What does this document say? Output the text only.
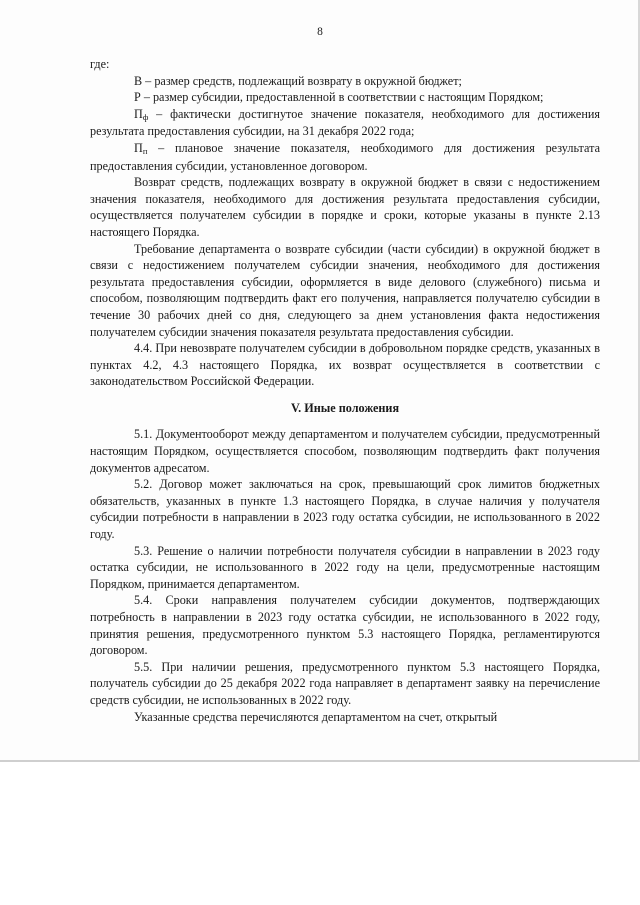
8

где:

В – размер средств, подлежащий возврату в окружной бюджет;

Р – размер субсидии, предоставленной в соответствии с настоящим Порядком;

Пф – фактически достигнутое значение показателя, необходимого для достижения результата предоставления субсидии, на 31 декабря 2022 года;

Пп – плановое значение показателя, необходимого для достижения результата предоставления субсидии, установленное договором.

Возврат средств, подлежащих возврату в окружной бюджет в связи с недостижением значения показателя, необходимого для достижения результата предоставления субсидии, осуществляется получателем субсидии в порядке и сроки, которые указаны в пункте 2.13 настоящего Порядка.

Требование департамента о возврате субсидии (части субсидии) в окружной бюджет в связи с недостижением получателем субсидии значения, необходимого для достижения результата предоставления субсидии, оформляется в виде делового (служебного) письма и способом, позволяющим подтвердить факт его получения, направляется получателю субсидии в течение 30 рабочих дней со дня, следующего за днем установления факта недостижения получателем субсидии значения показателя результата предоставления субсидии.

4.4. При невозврате получателем субсидии в добровольном порядке средств, указанных в пунктах 4.2, 4.3 настоящего Порядка, их возврат осуществляется в соответствии с законодательством Российской Федерации.

V. Иные положения

5.1. Документооборот между департаментом и получателем субсидии, предусмотренный настоящим Порядком, осуществляется способом, позволяющим подтвердить факт получения документов адресатом.

5.2. Договор может заключаться на срок, превышающий срок лимитов бюджетных обязательств, указанных в пункте 1.3 настоящего Порядка, в случае наличия у получателя субсидии потребности в направлении в 2023 году остатка субсидии, не использованного в 2022 году.

5.3. Решение о наличии потребности получателя субсидии в направлении в 2023 году остатка субсидии, не использованного в 2022 году на цели, предусмотренные настоящим Порядком, принимается департаментом.

5.4. Сроки направления получателем субсидии документов, подтверждающих потребность в направлении в 2023 году остатка субсидии, не использованного в 2022 году, принятия решения, предусмотренного пунктом 5.3 настоящего Порядка, регламентируются договором.

5.5. При наличии решения, предусмотренного пунктом 5.3 настоящего Порядка, получатель субсидии до 25 декабря 2022 года направляет в департамент заявку на перечисление средств субсидии, не использованных в 2022 году.

Указанные средства перечисляются департаментом на счет, открытый
